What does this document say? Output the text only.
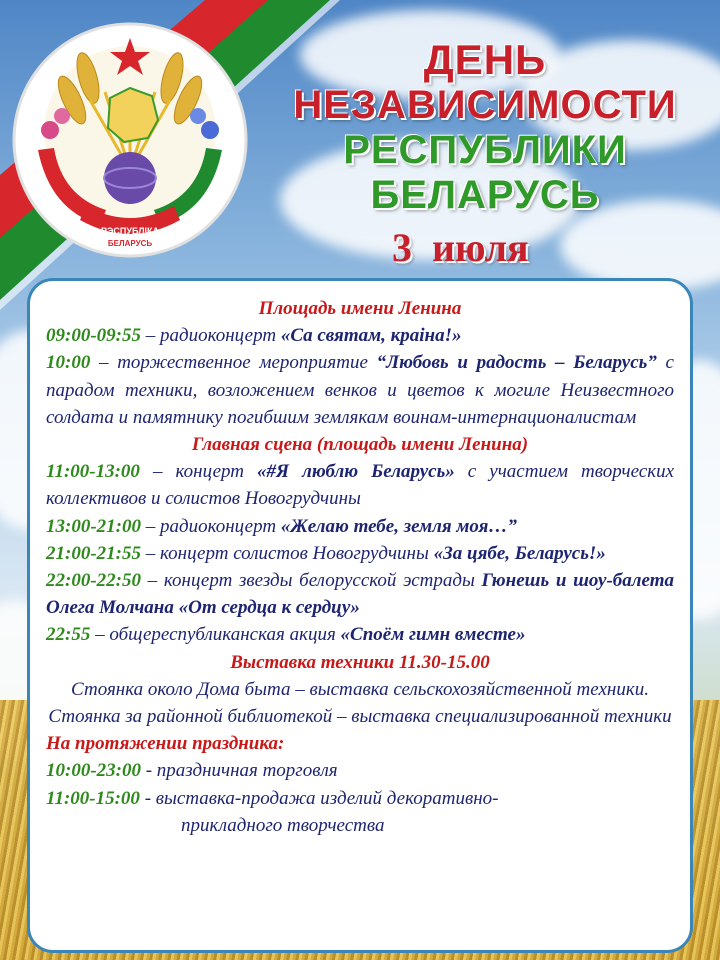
РЭСПУБЛІКА
БЕЛАРУСЬ
ДЕНЬ
НЕЗАВИСИМОСТИ
РЕСПУБЛИКИ
БЕЛАРУСЬ
3 июля

Площадь имени Ленина

09:00-09:55 – радиоконцерт «Са святам, краіна!»

10:00 – торжественное мероприятие “Любовь и радость – Беларусь” с парадом техники, возложением венков и цветов к могиле Неизвестного солдата и памятнику погибшим землякам воинам-интернационалистам

Главная сцена (площадь имени Ленина)

11:00-13:00 – концерт «#Я люблю Беларусь» с участием творческих коллективов и солистов Новогрудчины

13:00-21:00 – радиоконцерт «Желаю тебе, земля моя…”

21:00-21:55 – концерт солистов Новогрудчины «За цябе, Беларусь!»

22:00-22:50 – концерт звезды белорусской эстрады Гюнешь и шоу-балета Олега Молчана «От сердца к сердцу»

22:55 – общереспубликанская акция «Споём гимн вместе»

Выставка техники 11.30-15.00

Стоянка около Дома быта – выставка сельскохозяйственной техники. Стоянка за районной библиотекой – выставка специализированной техники

На протяжении праздника:

10:00-23:00 - праздничная торговля

11:00-15:00 - выставка-продажа изделий декоративно-

прикладного творчества
